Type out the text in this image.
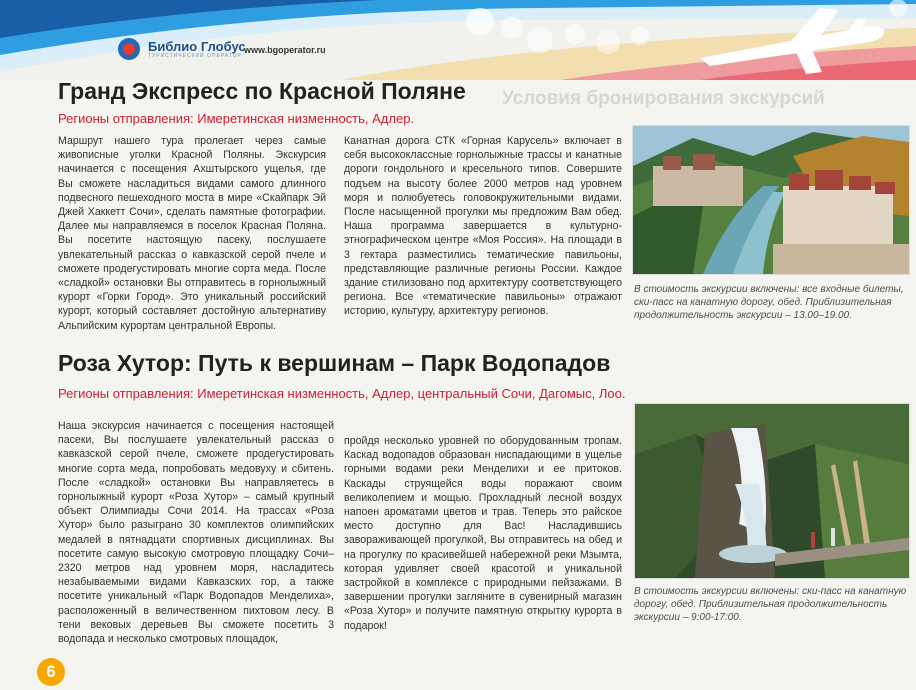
Библио Глобус
ТУРИСТИЧЕСКИЙ ОПЕРАТОР
www.bgoperator.ru
Условия бронирования экскурсий
Гранд Экспресс по Красной Поляне
Регионы отправления: Имеретинская низменность, Адлер.
Маршрут нашего тура пролегает через самые живописные уголки Красной Поляны. Экскурсия начинается с посещения Ахштырского ущелья, где Вы сможете насладиться видами самого длинного подвесного пешеходного моста в мире «Скайпарк Эй Джей Хаккетт Сочи», сделать памятные фотографии. Далее мы направляемся в поселок Красная Поляна. Вы посетите настоящую пасеку, послушаете увлекательный рассказ о кавказской серой пчеле и сможете продегустировать многие сорта меда. После «сладкой» остановки Вы отправитесь в горнолыжный курорт «Горки Город». Это уникальный российский курорт, который составляет достойную альтернативу Альпийским курортам центральной Европы.
Канатная дорога СТК «Горная Карусель» включает в себя высококлассные горнолыжные трассы и канатные дороги гондольного и кресельного типов. Совершите подъем на высоту более 2000 метров над уровнем моря и полюбуетесь головокружительными видами. После насыщенной прогулки мы предложим Вам обед. Наша программа завершается в культурно-этнографическом центре «Моя Россия». На площади в 3 гектара разместились тематические павильоны, представляющие различные регионы России. Каждое здание стилизовано под архитектуру соответствующего региона. Все «тематические павильоны» отражают историю, культуру, архитектуру регионов.
В стоимость экскурсии включены: все входные билеты, ски-пасс на канатную дорогу, обед. Приблизительная продолжительность экскурсии – 13.00–19.00.
Роза Хутор: Путь к вершинам – Парк Водопадов
Регионы отправления: Имеретинская низменность, Адлер, центральный Сочи, Дагомыс, Лоо.
Наша экскурсия начинается с посещения настоящей пасеки, Вы послушаете увлекательный рассказ о кавказской серой пчеле, сможете продегустировать многие сорта меда, попробовать медовуху и сбитень. После «сладкой» остановки Вы направляетесь в горнолыжный курорт «Роза Хутор» – самый крупный объект Олимпиады Сочи 2014. На трассах «Роза Хутор» было разыграно 30 комплектов олимпийских медалей в пятнадцати спортивных дисциплинах. Вы посетите самую высокую смотровую площадку Сочи–2320 метров над уровнем моря, насладитесь незабываемыми видами Кавказских гор, а также посетите уникальный «Парк Водопадов Менделиха», расположенный в величественном пихтовом лесу. В тени вековых деревьев Вы сможете посетить 3 водопада и несколько смотровых площадок,
пройдя несколько уровней по оборудованным тропам. Каскад водопадов образован ниспадающими в ущелье горными водами реки Менделихи и ее притоков. Каскады струящейся воды поражают своим великолепием и мощью. Прохладный лесной воздух напоен ароматами цветов и трав. Теперь это райское место доступно для Вас! Насладившись завораживающей прогулкой, Вы отправитесь на обед и на прогулку по красивейшей набережной реки Мзымта, которая удивляет своей красотой и уникальной застройкой в комплексе с природными пейзажами. В завершении прогулки загляните в сувенирный магазин «Роза Хутор» и получите памятную открытку курорта в подарок!
В стоимость экскурсии включены: ски-пасс на канатную дорогу, обед. Приблизительная продолжительность экскурсии – 9:00-17:00.
6
